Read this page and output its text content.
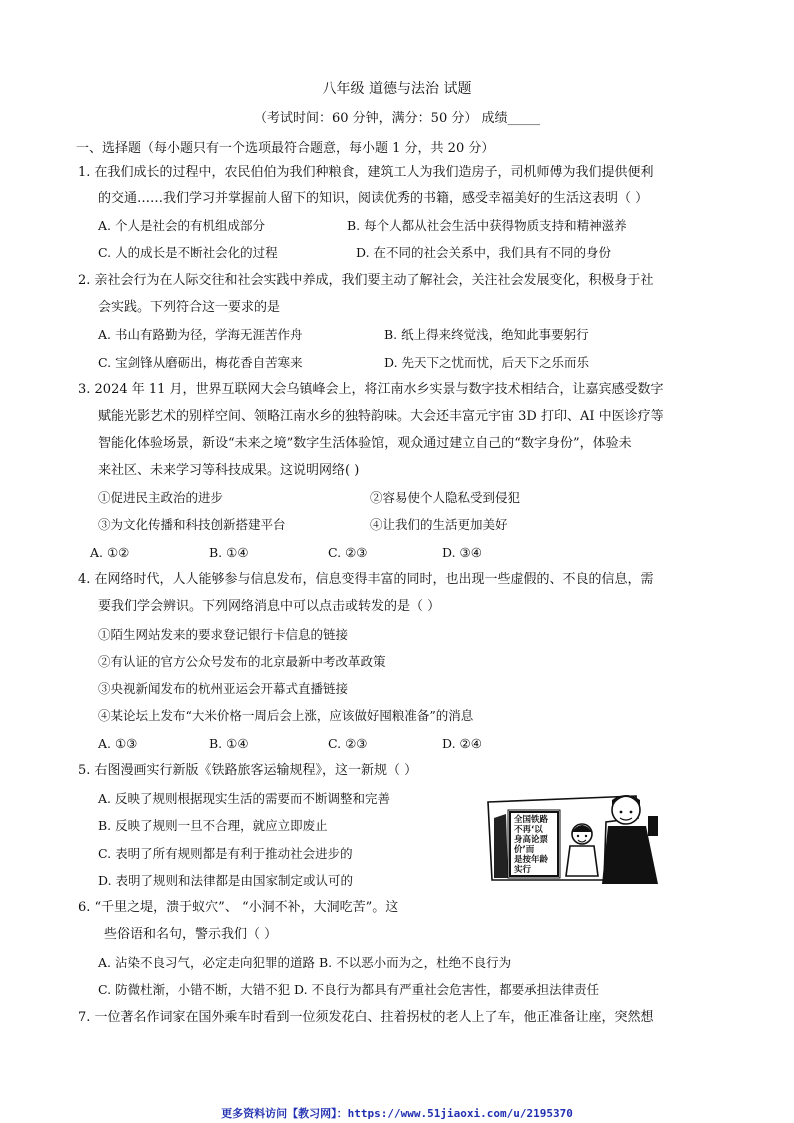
八年级 道德与法治 试题
（考试时间：60 分钟，满分：50 分） 成绩_____
一、选择题（每小题只有一个选项最符合题意，每小题 1 分，共 20 分）
1. 在我们成长的过程中，农民伯伯为我们种粮食，建筑工人为我们造房子，司机师傅为我们提供便利
的交通……我们学习并掌握前人留下的知识，阅读优秀的书籍，感受幸福美好的生活这表明（ ）
A. 个人是社会的有机组成部分	B. 每个人都从社会生活中获得物质支持和精神滋养
C. 人的成长是不断社会化的过程	D. 在不同的社会关系中，我们具有不同的身份
2. 亲社会行为在人际交往和社会实践中养成，我们要主动了解社会，关注社会发展变化，积极身于社
会实践。下列符合这一要求的是
A. 书山有路勤为径，学海无涯苦作舟	B. 纸上得来终觉浅，绝知此事要躬行
C. 宝剑锋从磨砺出，梅花香自苦寒来	D. 先天下之忧而忧，后天下之乐而乐
3. 2024 年 11 月，世界互联网大会乌镇峰会上，将江南水乡实景与数字技术相结合，让嘉宾感受数字
赋能光影艺术的别样空间、领略江南水乡的独特韵味。大会还丰富元宇宙 3D 打印、AI 中医诊疗等
智能化体验场景，新设“未来之境”数字生活体验馆，观众通过建立自己的“数字身份”，体验未
来社区、未来学习等科技成果。这说明网络( )
①促进民主政治的进步	②容易使个人隐私受到侵犯
③为文化传播和科技创新搭建平台	④让我们的生活更加美好
A. ①②	B. ①④	C. ②③	D. ③④
4. 在网络时代，人人能够参与信息发布，信息变得丰富的同时，也出现一些虚假的、不良的信息，需
要我们学会辨识。下列网络消息中可以点击或转发的是（ ）
①陌生网站发来的要求登记银行卡信息的链接
②有认证的官方公众号发布的北京最新中考改革政策
③央视新闻发布的杭州亚运会开幕式直播链接
④某论坛上发布“大米价格一周后会上涨，应该做好囤粮准备”的消息
A. ①③	B. ①④	C. ②③	D. ②④
5. 右图漫画实行新版《铁路旅客运输规程》，这一新规（ ）
A. 反映了规则根据现实生活的需要而不断调整和完善
B. 反映了规则一旦不合理，就应立即废止
C. 表明了所有规则都是有利于推动社会进步的
D. 表明了规则和法律都是由国家制定或认可的
全国铁路
不再‘以
身高论票
价’而
是按年龄
实行
6. “千里之堤，溃于蚁穴”、 “小洞不补，大洞吃苦”。这
些俗语和名句，警示我们（ ）
A. 沾染不良习气，必定走向犯罪的道路 B. 不以恶小而为之，杜绝不良行为
C. 防微杜渐，小错不断，大错不犯 D. 不良行为都具有严重社会危害性，都要承担法律责任
7. 一位著名作词家在国外乘车时看到一位须发花白、拄着拐杖的老人上了车，他正准备让座，突然想
更多资料访问【教习网】：https://www.51jiaoxi.com/u/2195370
